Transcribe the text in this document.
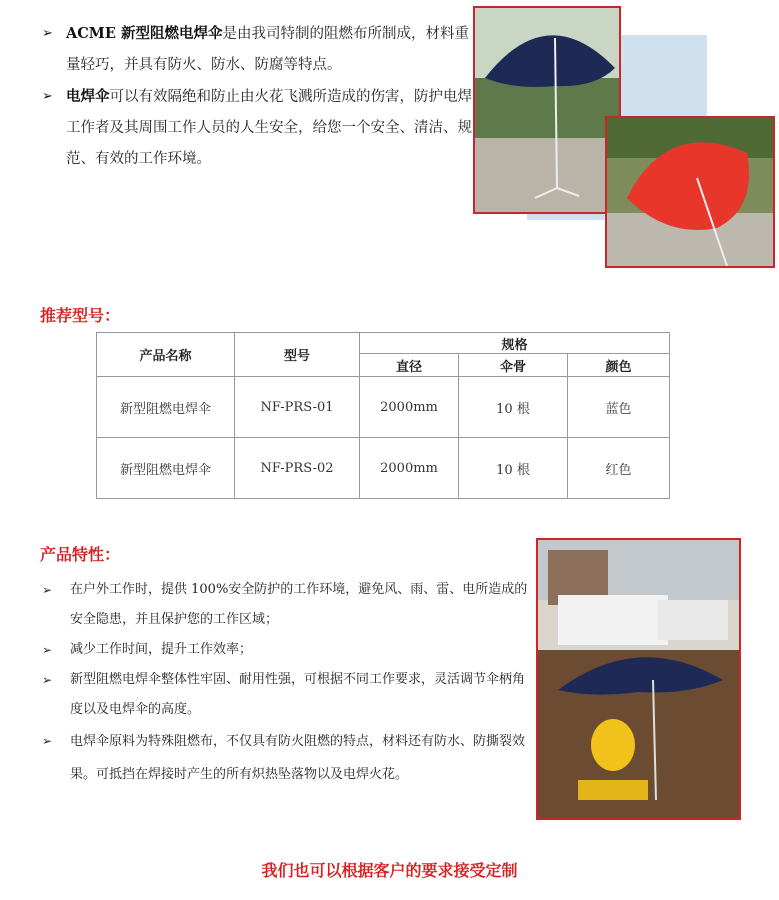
➢ ACME 新型阻燃电焊伞是由我司特制的阻燃布所制成，材料重量轻巧，并具有防火、防水、防腐等特点。

➢ 电焊伞可以有效隔绝和防止由火花飞溅所造成的伤害，防护电焊工作者及其周围工作人员的人生安全，给您一个安全、清洁、规范、有效的工作环境。

推荐型号：
产品名称	型号	规格		
		直径	伞骨	颜色
新型阻燃电焊伞	NF-PRS-01	2000mm	10 根	蓝色
新型阻燃电焊伞	NF-PRS-02	2000mm	10 根	红色
产品特性：

➢ 在户外工作时，提供 100%安全防护的工作环境，避免风、雨、雷、电所造成的安全隐患，并且保护您的工作区域；

➢ 减少工作时间，提升工作效率；

➢ 新型阻燃电焊伞整体性牢固、耐用性强，可根据不同工作要求，灵活调节伞柄角度以及电焊伞的高度。

➢ 电焊伞原料为特殊阻燃布，不仅具有防火阻燃的特点，材料还有防水、防撕裂效果。可抵挡在焊接时产生的所有炽热坠落物以及电焊火花。

我们也可以根据客户的要求接受定制
